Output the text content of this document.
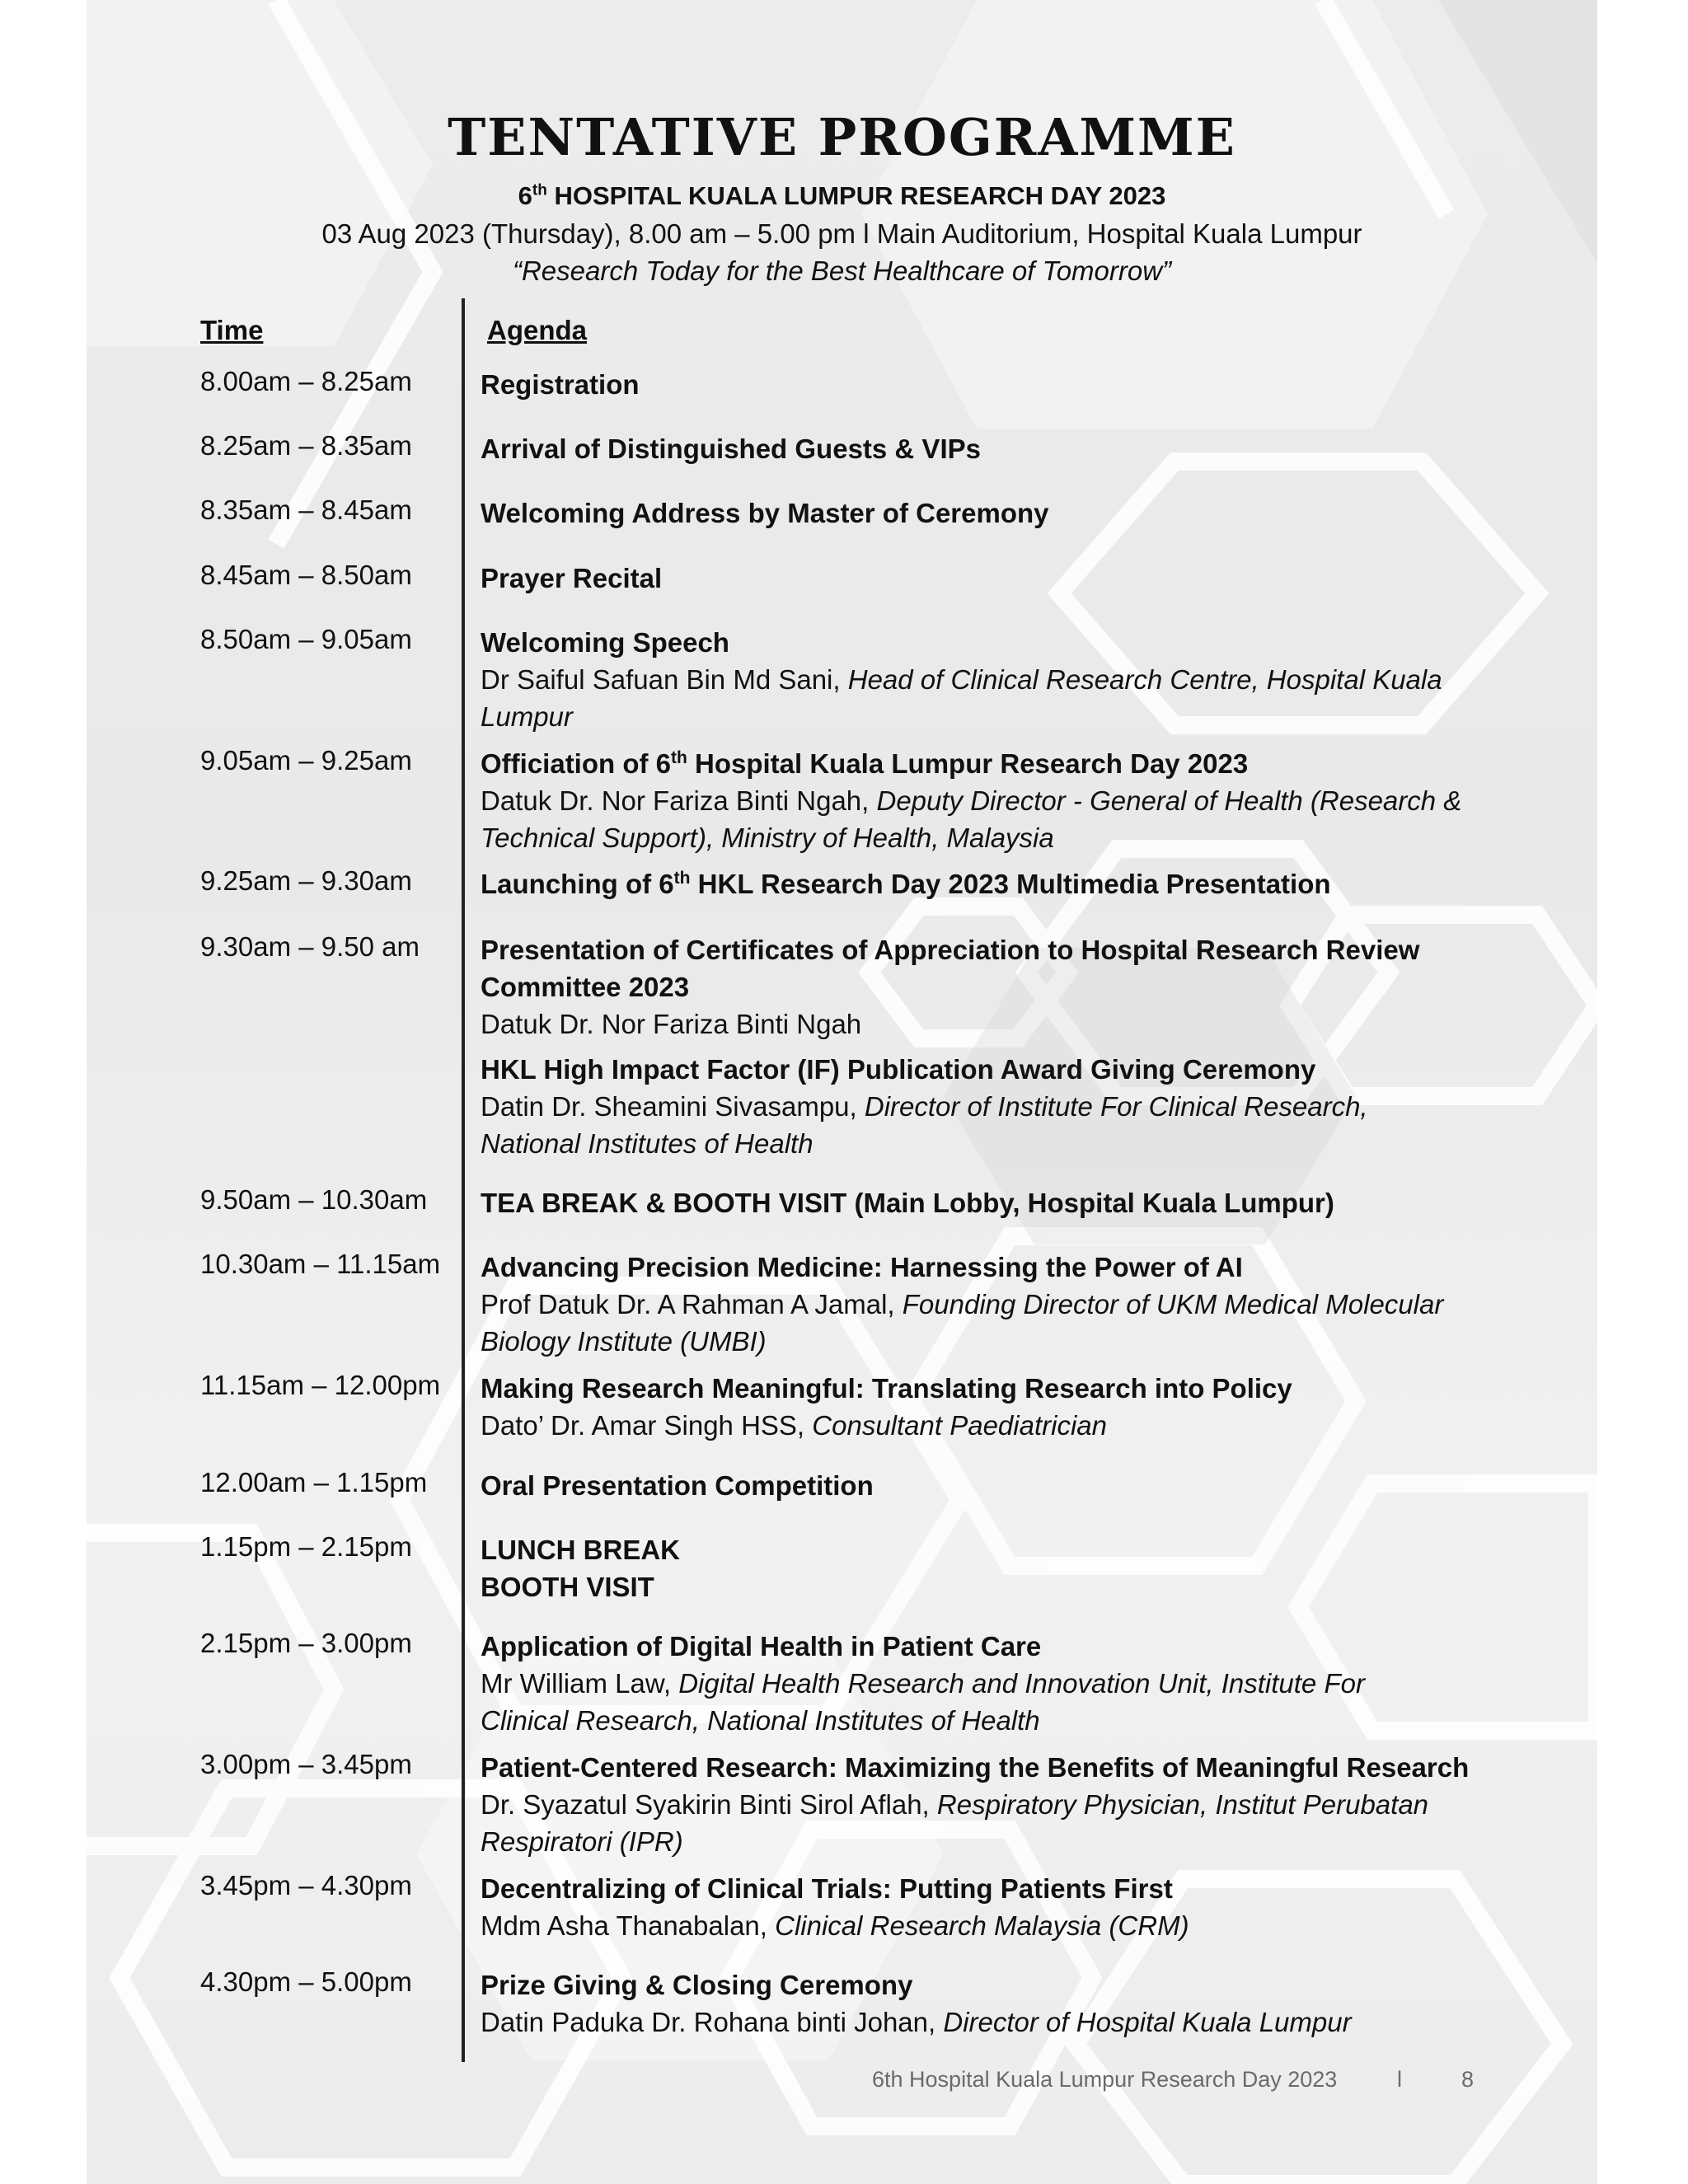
TENTATIVE PROGRAMME
6th HOSPITAL KUALA LUMPUR RESEARCH DAY 2023
03 Aug 2023 (Thursday), 8.00 am – 5.00 pm l Main Auditorium, Hospital Kuala Lumpur
“Research Today for the Best Healthcare of Tomorrow”
Time	Agenda
8.00am – 8.25am	Registration
8.25am – 8.35am	Arrival of Distinguished Guests & VIPs
8.35am – 8.45am	Welcoming Address by Master of Ceremony
8.45am – 8.50am	Prayer Recital
8.50am – 9.05am	Welcoming Speech
Dr Saiful Safuan Bin Md Sani, Head of Clinical Research Centre, Hospital Kuala
Lumpur
9.05am – 9.25am	Officiation of 6th Hospital Kuala Lumpur Research Day 2023
Datuk Dr. Nor Fariza Binti Ngah, Deputy Director - General of Health (Research &
Technical Support), Ministry of Health, Malaysia
9.25am – 9.30am	Launching of 6th HKL Research Day 2023 Multimedia Presentation
9.30am – 9.50 am Presentation of Certificates of Appreciation to Hospital Research Review
Committee 2023
Datuk Dr. Nor Fariza Binti Ngah
HKL High Impact Factor (IF) Publication Award Giving Ceremony
Datin Dr. Sheamini Sivasampu, Director of Institute For Clinical Research,
National Institutes of Health
9.50am – 10.30am TEA BREAK & BOOTH VISIT (Main Lobby, Hospital Kuala Lumpur)
10.30am – 11.15am Advancing Precision Medicine: Harnessing the Power of AI
Prof Datuk Dr. A Rahman A Jamal, Founding Director of UKM Medical Molecular
Biology Institute (UMBI)
11.15am – 12.00pm Making Research Meaningful: Translating Research into Policy
Dato’ Dr. Amar Singh HSS, Consultant Paediatrician
12.00am – 1.15pm Oral Presentation Competition
1.15pm – 2.15pm	LUNCH BREAK
BOOTH VISIT
2.15pm – 3.00pm	Application of Digital Health in Patient Care
Mr William Law, Digital Health Research and Innovation Unit, Institute For
Clinical Research, National Institutes of Health
3.00pm – 3.45pm	Patient-Centered Research: Maximizing the Benefits of Meaningful Research
Dr. Syazatul Syakirin Binti Sirol Aflah, Respiratory Physician, Institut Perubatan
Respiratori (IPR)
3.45pm – 4.30pm	Decentralizing of Clinical Trials: Putting Patients First
Mdm Asha Thanabalan, Clinical Research Malaysia (CRM)
4.30pm – 5.00pm	Prize Giving & Closing Ceremony
Datin Paduka Dr. Rohana binti Johan, Director of Hospital Kuala Lumpur
6th Hospital Kuala Lumpur Research Day 2023	l	8
